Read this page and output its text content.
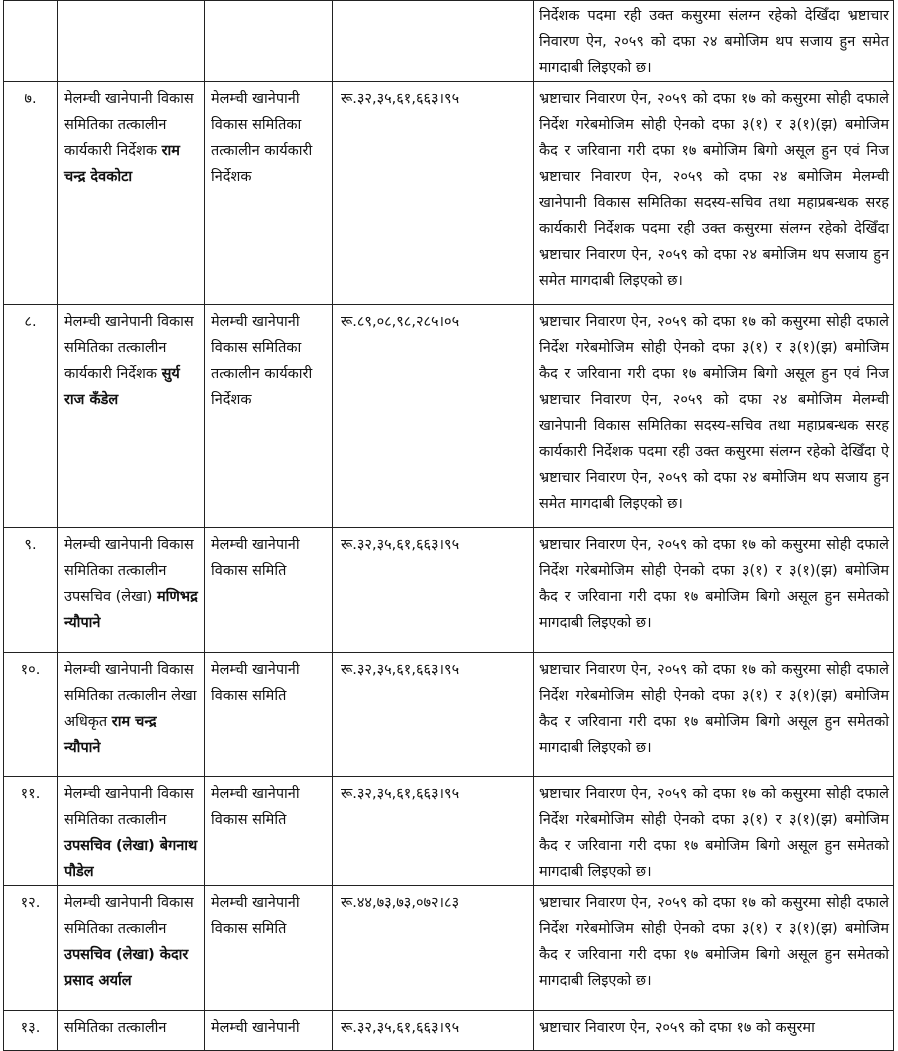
				निर्देशक पदमा रही उक्त कसुरमा संलग्न रहेको देखिँदा भ्रष्टाचार निवारण ऐन, २०५९ को दफा २४ बमोजिम थप सजाय हुन समेत मागदाबी लिइएको छ।
७.	मेलम्ची खानेपानी विकास समितिका तत्कालीन कार्यकारी निर्देशक राम चन्द्र देवकोटा	मेलम्ची खानेपानी विकास समितिका तत्कालीन कार्यकारी निर्देशक	रू.३२,३५,६१,६६३।९५	भ्रष्टाचार निवारण ऐन, २०५९ को दफा १७ को कसुरमा सोही दफाले निर्देश गरेबमोजिम सोही ऐनको दफा ३(१) र ३(१)(झ) बमोजिम कैद र जरिवाना गरी दफा १७ बमोजिम बिगो असूल हुन एवं निज भ्रष्टाचार निवारण ऐन, २०५९ को दफा २४ बमोजिम मेलम्ची खानेपानी विकास समितिका सदस्य-सचिव तथा महाप्रबन्धक सरह कार्यकारी निर्देशक पदमा रही उक्त कसुरमा संलग्न रहेको देखिँदा भ्रष्टाचार निवारण ऐन, २०५९ को दफा २४ बमोजिम थप सजाय हुन समेत मागदाबी लिइएको छ।
८.	मेलम्ची खानेपानी विकास समितिका तत्कालीन कार्यकारी निर्देशक सुर्य राज कँडेल	मेलम्ची खानेपानी विकास समितिका तत्कालीन कार्यकारी निर्देशक	रू.८९,०८,९८,२८५।०५	भ्रष्टाचार निवारण ऐन, २०५९ को दफा १७ को कसुरमा सोही दफाले निर्देश गरेबमोजिम सोही ऐनको दफा ३(१) र ३(१)(झ) बमोजिम कैद र जरिवाना गरी दफा १७ बमोजिम बिगो असूल हुन एवं निज भ्रष्टाचार निवारण ऐन, २०५९ को दफा २४ बमोजिम मेलम्ची खानेपानी विकास समितिका सदस्य-सचिव तथा महाप्रबन्धक सरह कार्यकारी निर्देशक पदमा रही उक्त कसुरमा संलग्न रहेको देखिँदा ऐ भ्रष्टाचार निवारण ऐन, २०५९ को दफा २४ बमोजिम थप सजाय हुन समेत मागदाबी लिइएको छ।
९.	मेलम्ची खानेपानी विकास समितिका तत्कालीन उपसचिव (लेखा) मणिभद्र न्यौपाने	मेलम्ची खानेपानी विकास समिति	रू.३२,३५,६१,६६३।९५	भ्रष्टाचार निवारण ऐन, २०५९ को दफा १७ को कसुरमा सोही दफाले निर्देश गरेबमोजिम सोही ऐनको दफा ३(१) र ३(१)(झ) बमोजिम कैद र जरिवाना गरी दफा १७ बमोजिम बिगो असूल हुन समेतको मागदाबी लिइएको छ।
१०.	मेलम्ची खानेपानी विकास समितिका तत्कालीन लेखा अधिकृत राम चन्द्र न्यौपाने	मेलम्ची खानेपानी विकास समिति	रू.३२,३५,६१,६६३।९५	भ्रष्टाचार निवारण ऐन, २०५९ को दफा १७ को कसुरमा सोही दफाले निर्देश गरेबमोजिम सोही ऐनको दफा ३(१) र ३(१)(झ) बमोजिम कैद र जरिवाना गरी दफा १७ बमोजिम बिगो असूल हुन समेतको मागदाबी लिइएको छ।
११.	मेलम्ची खानेपानी विकास समितिका तत्कालीन उपसचिव (लेखा) बेगनाथ पौडेल	मेलम्ची खानेपानी विकास समिति	रू.३२,३५,६१,६६३।९५	भ्रष्टाचार निवारण ऐन, २०५९ को दफा १७ को कसुरमा सोही दफाले निर्देश गरेबमोजिम सोही ऐनको दफा ३(१) र ३(१)(झ) बमोजिम कैद र जरिवाना गरी दफा १७ बमोजिम बिगो असूल हुन समेतको मागदाबी लिइएको छ।
१२.	मेलम्ची खानेपानी विकास समितिका तत्कालीन उपसचिव (लेखा) केदार प्रसाद अर्याल	मेलम्ची खानेपानी विकास समिति	रू.४४,७३,७३,०७२।८३	भ्रष्टाचार निवारण ऐन, २०५९ को दफा १७ को कसुरमा सोही दफाले निर्देश गरेबमोजिम सोही ऐनको दफा ३(१) र ३(१)(झ) बमोजिम कैद र जरिवाना गरी दफा १७ बमोजिम बिगो असूल हुन समेतको मागदाबी लिइएको छ।
१३.	समितिका तत्कालीन	मेलम्ची खानेपानी	रू.३२,३५,६१,६६३।९५	भ्रष्टाचार निवारण ऐन, २०५९ को दफा १७ को कसुरमा
